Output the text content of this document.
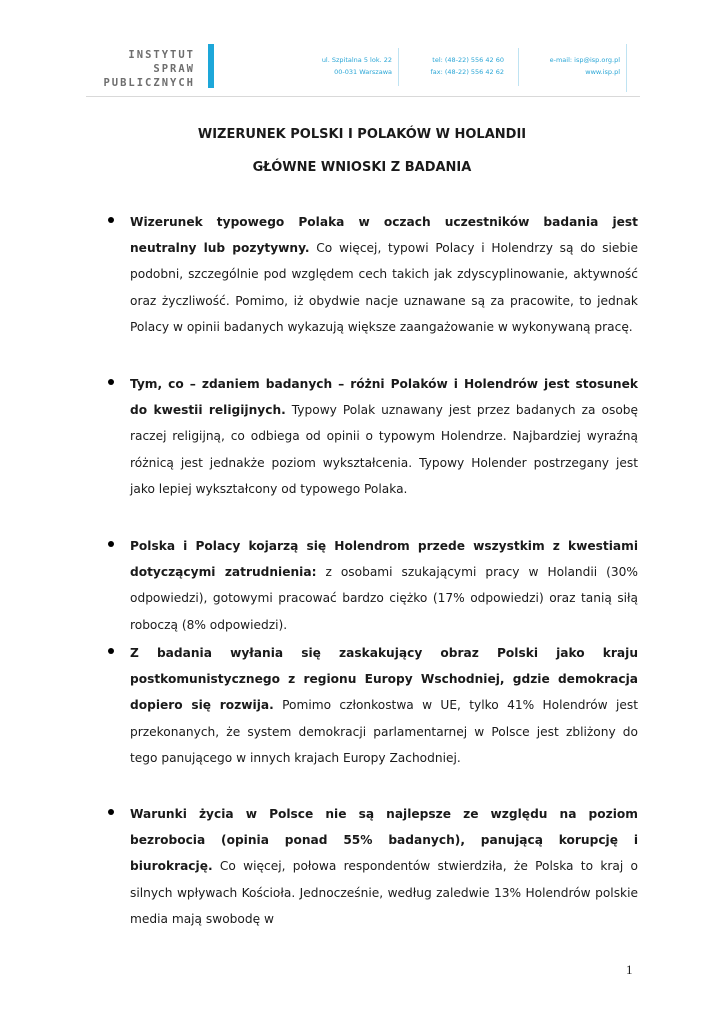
INSTYTUT SPRAW
PUBLICZNYCH
ul. Szpitalna 5 lok. 22
00-031 Warszawa
tel: (48-22) 556 42 60
fax: (48-22) 556 42 62
e-mail: isp@isp.org.pl
www.isp.pl
WIZERUNEK POLSKI I POLAKÓW W HOLANDII
GŁÓWNE WNIOSKI Z BADANIA

Wizerunek typowego Polaka w oczach uczestników badania jest neutralny lub pozytywny. Co więcej, typowi Polacy i Holendrzy są do siebie podobni, szczególnie pod względem cech takich jak zdyscyplinowanie, aktywność oraz życzliwość. Pomimo, iż obydwie nacje uznawane są za pracowite, to jednak Polacy w opinii badanych wykazują większe zaangażowanie w wykonywaną pracę.

Tym, co – zdaniem badanych – różni Polaków i Holendrów jest stosunek do kwestii religijnych. Typowy Polak uznawany jest przez badanych za osobę raczej religijną, co odbiega od opinii o typowym Holendrze. Najbardziej wyraźną różnicą jest jednakże poziom wykształcenia. Typowy Holender postrzegany jest jako lepiej wykształcony od typowego Polaka.

Polska i Polacy kojarzą się Holendrom przede wszystkim z kwestiami dotyczącymi zatrudnienia: z osobami szukającymi pracy w Holandii (30% odpowiedzi), gotowymi pracować bardzo ciężko (17% odpowiedzi) oraz tanią siłą roboczą (8% odpowiedzi).

Z badania wyłania się zaskakujący obraz Polski jako kraju postkomunistycznego z regionu Europy Wschodniej, gdzie demokracja dopiero się rozwija. Pomimo członkostwa w UE, tylko 41% Holendrów jest przekonanych, że system demokracji parlamentarnej w Polsce jest zbliżony do tego panującego w innych krajach Europy Zachodniej.

Warunki życia w Polsce nie są najlepsze ze względu na poziom bezrobocia (opinia ponad 55% badanych), panującą korupcję i biurokrację. Co więcej, połowa respondentów stwierdziła, że Polska to kraj o silnych wpływach Kościoła. Jednocześnie, według zaledwie 13% Holendrów polskie media mają swobodę w

1
